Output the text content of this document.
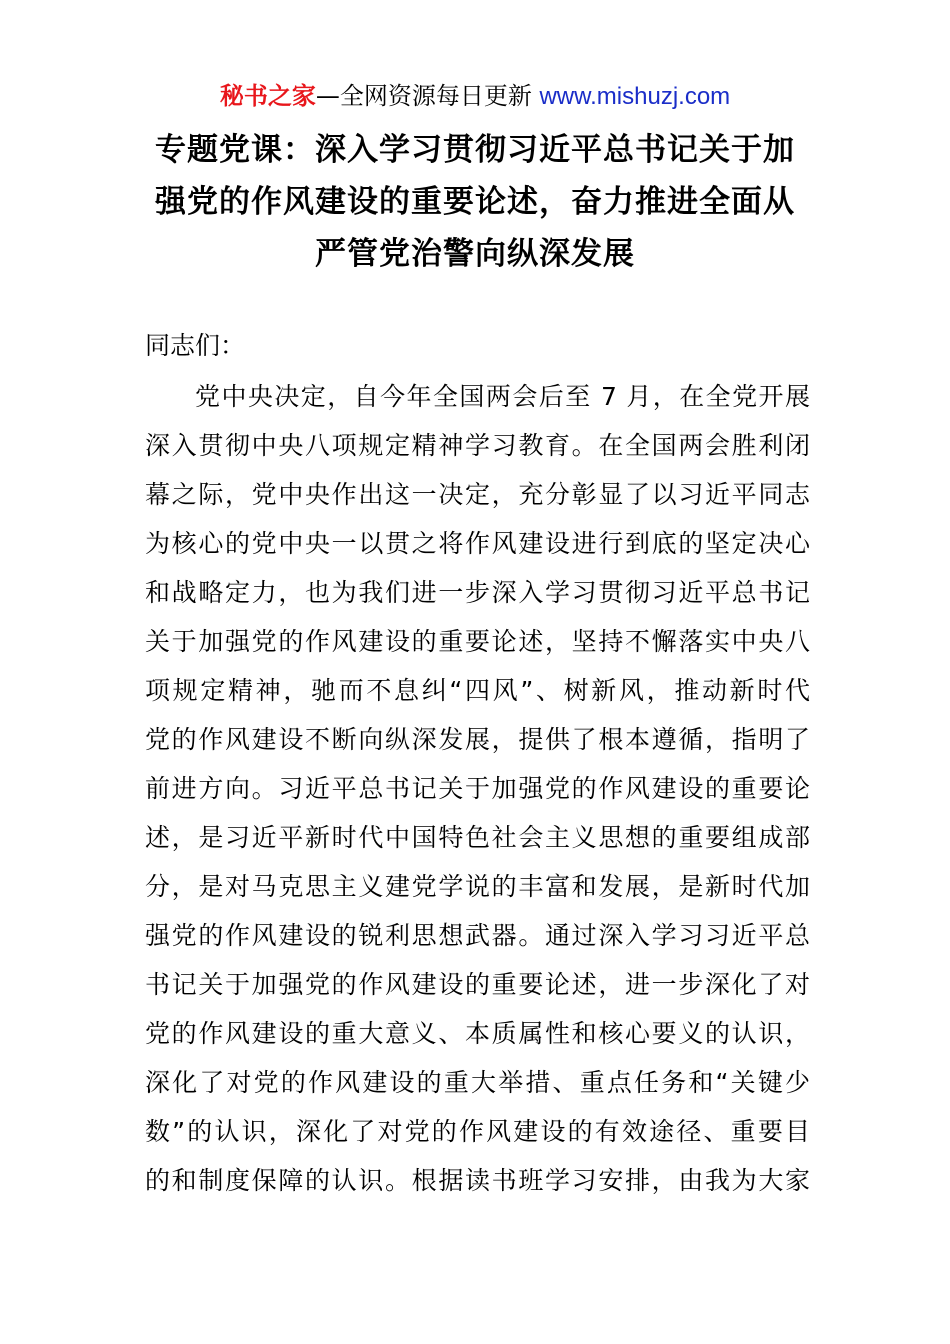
秘书之家—全网资源每日更新 www.mishuzj.com
专题党课：深入学习贯彻习近平总书记关于加
强党的作风建设的重要论述，奋力推进全面从
严管党治警向纵深发展

同志们：

党中央决定，自今年全国两会后至 7 月，在全党开展
深入贯彻中央八项规定精神学习教育。在全国两会胜利闭
幕之际，党中央作出这一决定，充分彰显了以习近平同志
为核心的党中央一以贯之将作风建设进行到底的坚定决心
和战略定力，也为我们进一步深入学习贯彻习近平总书记
关于加强党的作风建设的重要论述，坚持不懈落实中央八
项规定精神，驰而不息纠“四风”、树新风，推动新时代
党的作风建设不断向纵深发展，提供了根本遵循，指明了
前进方向。习近平总书记关于加强党的作风建设的重要论
述，是习近平新时代中国特色社会主义思想的重要组成部
分，是对马克思主义建党学说的丰富和发展，是新时代加
强党的作风建设的锐利思想武器。通过深入学习习近平总
书记关于加强党的作风建设的重要论述，进一步深化了对
党的作风建设的重大意义、本质属性和核心要义的认识，
深化了对党的作风建设的重大举措、重点任务和“关键少
数”的认识，深化了对党的作风建设的有效途径、重要目
的和制度保障的认识。根据读书班学习安排，由我为大家
